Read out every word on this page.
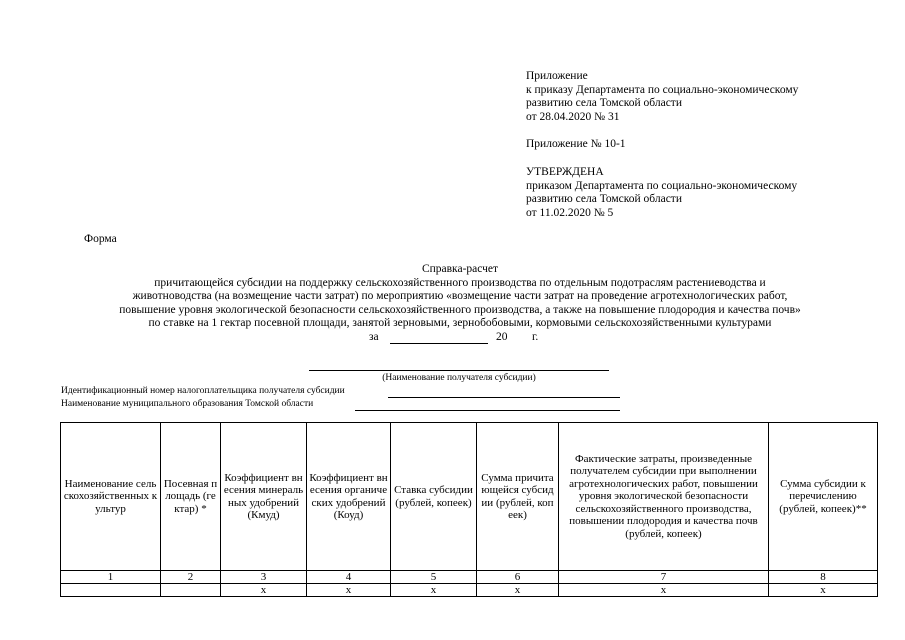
Приложение
к приказу Департамента по социально-экономическому
развитию села Томской области
от 28.04.2020 № 31
Приложение № 10-1
УТВЕРЖДЕНА
приказом Департамента по социально-экономическому
развитию села Томской области
от 11.02.2020 № 5
Форма
Справка-расчет
причитающейся субсидии на поддержку сельскохозяйственного производства по отдельным подотраслям растениеводства и
животноводства (на возмещение части затрат) по мероприятию «возмещение части затрат на проведение агротехнологических работ,
повышение уровня экологической безопасности сельскохозяйственного производства, а также на повышение плодородия и качества почв»
по ставке на 1 гектар посевной площади, занятой зерновыми, зернобобовыми, кормовыми сельскохозяйственными культурами
за	20 г.
(Наименование получателя субсидии)
Идентификационный номер налогоплательщика получателя субсидии
Наименование муниципального образования Томской области
Наименование сельскохозяйственных культур	Посевная площадь (гектар) *	Коэффициент внесения минеральных удобрений (Кмуд)	Коэффициент внесения органических удобрений (Коуд)	Ставка субсидии (рублей, копеек)	Сумма причитающейся субсидии (рублей, копеек)	Фактические затраты, произведенные получателем субсидии при выполнении агротехнологических работ, повышении уровня экологической безопасности сельскохозяйственного производства, повышении плодородия и качества почв (рублей, копеек)	Сумма субсидии к перечислению (рублей, копеек)**
1	2	3	4	5	6	7	8
		х	х	х	х	х	х
